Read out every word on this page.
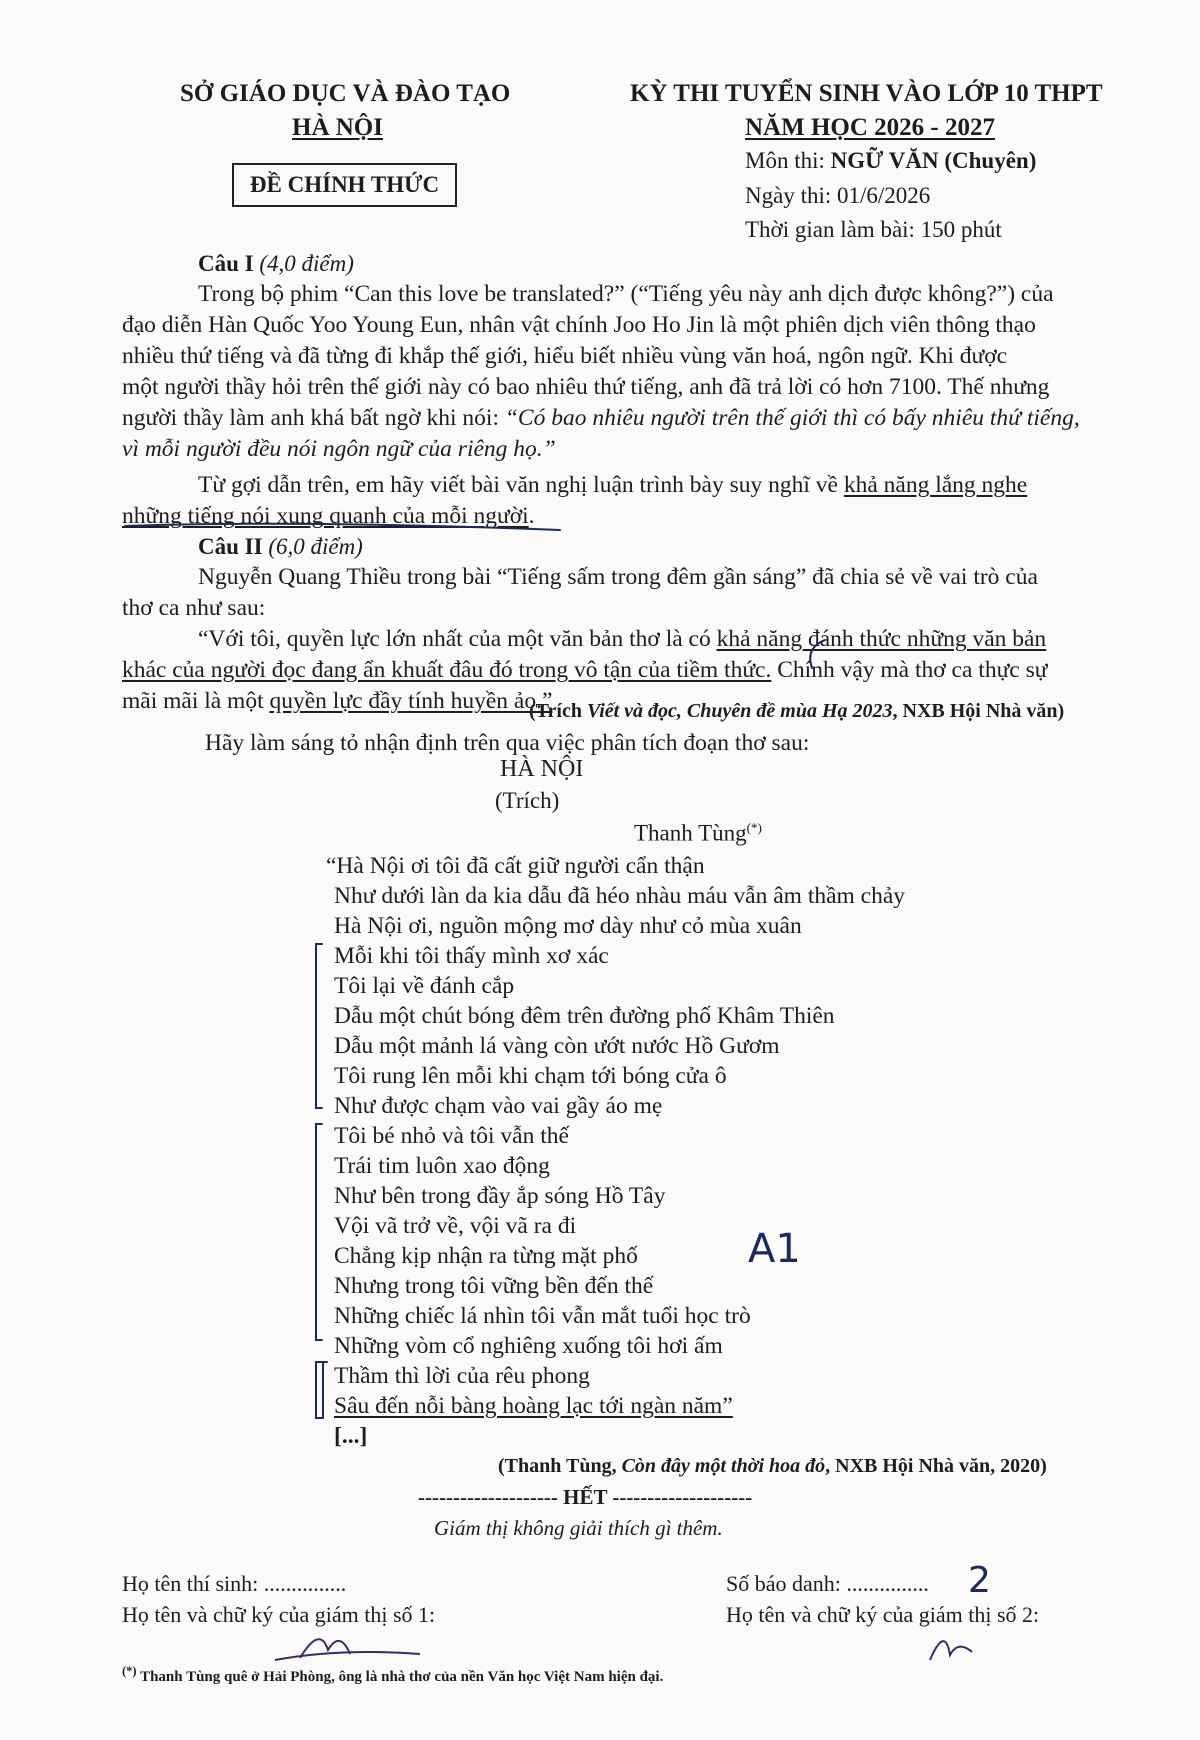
SỞ GIÁO DỤC VÀ ĐÀO TẠO
HÀ NỘI
ĐỀ CHÍNH THỨC
KỲ THI TUYỂN SINH VÀO LỚP 10 THPT
NĂM HỌC 2026 - 2027
Môn thi: NGỮ VĂN (Chuyên)
Ngày thi: 01/6/2026
Thời gian làm bài: 150 phút
Câu I (4,0 điểm)
Trong bộ phim “Can this love be translated?” (“Tiếng yêu này anh dịch được không?”) của
đạo diễn Hàn Quốc Yoo Young Eun, nhân vật chính Joo Ho Jin là một phiên dịch viên thông thạo
nhiều thứ tiếng và đã từng đi khắp thế giới, hiểu biết nhiều vùng văn hoá, ngôn ngữ. Khi được
một người thầy hỏi trên thế giới này có bao nhiêu thứ tiếng, anh đã trả lời có hơn 7100. Thế nhưng
người thầy làm anh khá bất ngờ khi nói: “Có bao nhiêu người trên thế giới thì có bấy nhiêu thứ tiếng,
vì mỗi người đều nói ngôn ngữ của riêng họ.”
Từ gợi dẫn trên, em hãy viết bài văn nghị luận trình bày suy nghĩ về khả năng lắng nghe
những tiếng nói xung quanh của mỗi người.
Câu II (6,0 điểm)
Nguyễn Quang Thiều trong bài “Tiếng sấm trong đêm gần sáng” đã chia sẻ về vai trò của
thơ ca như sau:
“Với tôi, quyền lực lớn nhất của một văn bản thơ là có khả năng đánh thức những văn bản
khác của người đọc đang ẩn khuất đâu đó trong vô tận của tiềm thức. Chính vậy mà thơ ca thực sự
mãi mãi là một quyền lực đầy tính huyền ảo.”
(Trích Viết và đọc, Chuyên đề mùa Hạ 2023, NXB Hội Nhà văn)
Hãy làm sáng tỏ nhận định trên qua việc phân tích đoạn thơ sau:
HÀ NỘI
(Trích)
Thanh Tùng(*)
“Hà Nội ơi tôi đã cất giữ người cẩn thận
Như dưới làn da kia dẫu đã héo nhàu máu vẫn âm thầm chảy
Hà Nội ơi, nguồn mộng mơ dày như cỏ mùa xuân
Mỗi khi tôi thấy mình xơ xác
Tôi lại về đánh cắp
Dẫu một chút bóng đêm trên đường phố Khâm Thiên
Dẫu một mảnh lá vàng còn ướt nước Hồ Gươm
Tôi rung lên mỗi khi chạm tới bóng cửa ô
Như được chạm vào vai gầy áo mẹ
Tôi bé nhỏ và tôi vẫn thế
Trái tim luôn xao động
Như bên trong đầy ắp sóng Hồ Tây
Vội vã trở về, vội vã ra đi
Chẳng kịp nhận ra từng mặt phố
Nhưng trong tôi vững bền đến thế
Những chiếc lá nhìn tôi vẫn mắt tuổi học trò
Những vòm cổ nghiêng xuống tôi hơi ấm
Thầm thì lời của rêu phong
Sâu đến nỗi bàng hoàng lạc tới ngàn năm”
[...]
(Thanh Tùng, Còn đây một thời hoa đỏ, NXB Hội Nhà văn, 2020)
-------------------- HẾT --------------------
Giám thị không giải thích gì thêm.
Họ tên thí sinh: ...............	Số báo danh: ...............
Họ tên và chữ ký của giám thị số 1:	Họ tên và chữ ký của giám thị số 2:
(*) Thanh Tùng quê ở Hải Phòng, ông là nhà thơ của nền Văn học Việt Nam hiện đại.
A1
2
